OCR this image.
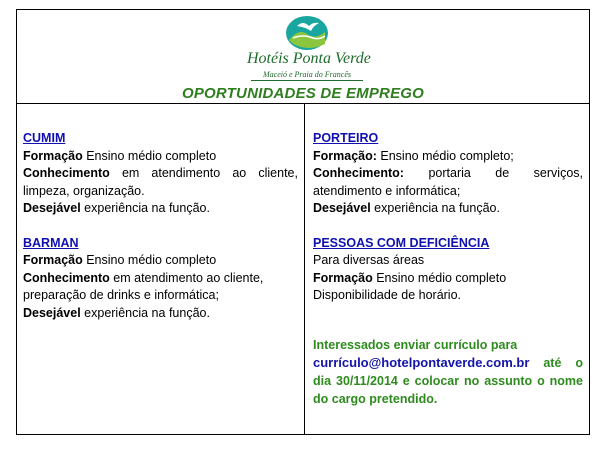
Hotéis Ponta Verde
Maceió e Praia do Francês
OPORTUNIDADES DE EMPREGO
CUMIM
Formação Ensino médio completo
Conhecimento em atendimento ao cliente, limpeza, organização.
Desejável experiência na função.
BARMAN
Formação Ensino médio completo
Conhecimento em atendimento ao cliente, preparação de drinks e informática;
Desejável experiência na função.
PORTEIRO
Formação: Ensino médio completo;
Conhecimento: portaria de serviços, atendimento e informática;
Desejável experiência na função.
PESSOAS COM DEFICIÊNCIA
Para diversas áreas
Formação Ensino médio completo
Disponibilidade de horário.
Interessados enviar currículo para
currículo@hotelpontaverde.com.br até o dia 30/11/2014 e colocar no assunto o nome do cargo pretendido.
